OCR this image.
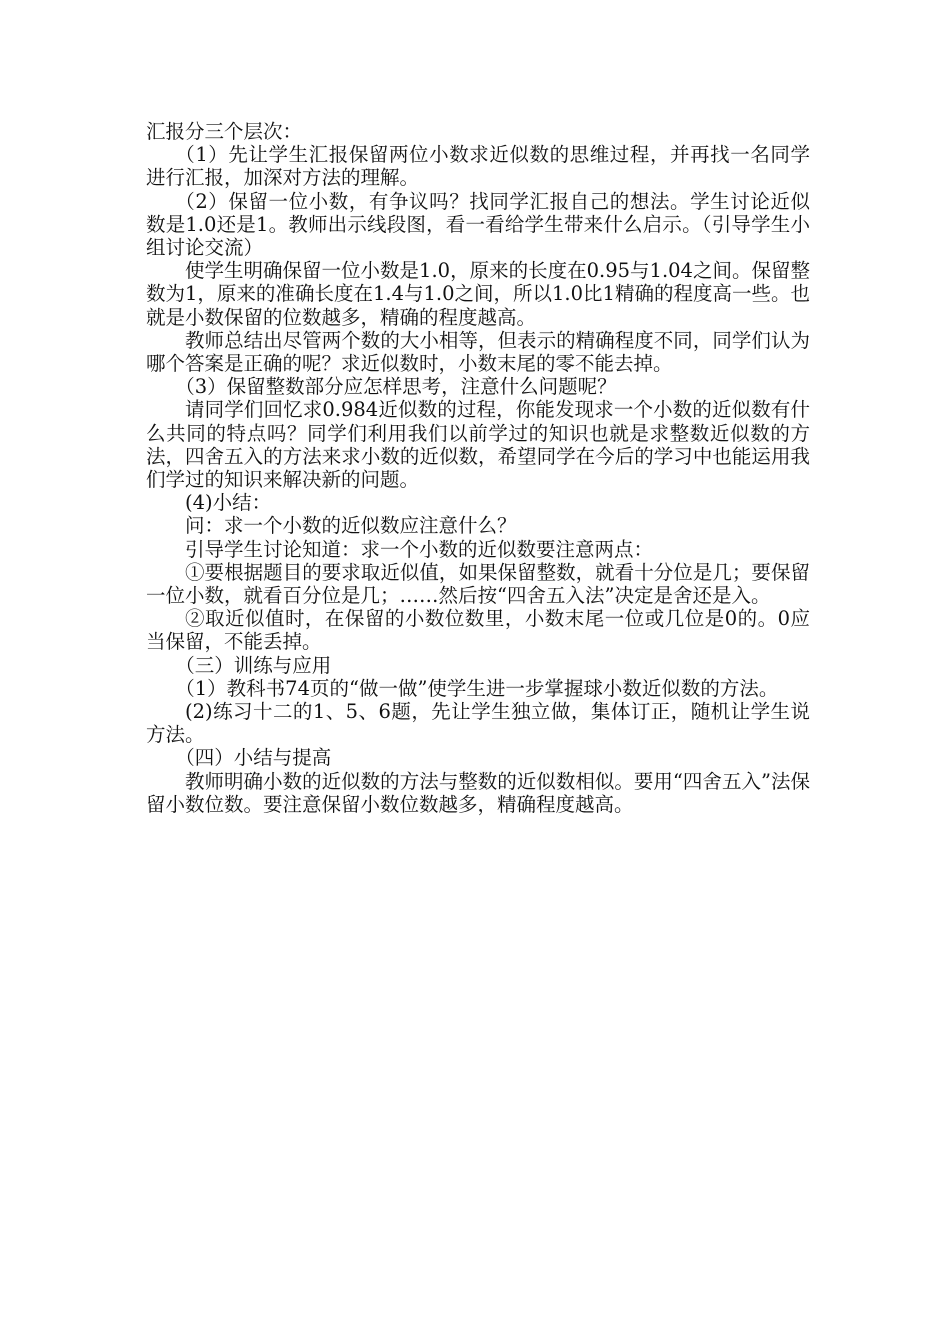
汇报分三个层次：

（1）先让学生汇报保留两位小数求近似数的思维过程，并再找一名同学进行汇报，加深对方法的理解。

（2）保留一位小数，有争议吗？找同学汇报自己的想法。学生讨论近似数是1.0还是1。教师出示线段图，看一看给学生带来什么启示。（引导学生小组讨论交流）

使学生明确保留一位小数是1.0，原来的长度在0.95与1.04之间。保留整数为1，原来的准确长度在1.4与1.0之间，所以1.0比1精确的程度高一些。也就是小数保留的位数越多，精确的程度越高。

教师总结出尽管两个数的大小相等，但表示的精确程度不同，同学们认为哪个答案是正确的呢？求近似数时，小数末尾的零不能去掉。

（3）保留整数部分应怎样思考，注意什么问题呢？

请同学们回忆求0.984近似数的过程，你能发现求一个小数的近似数有什么共同的特点吗？同学们利用我们以前学过的知识也就是求整数近似数的方法，四舍五入的方法来求小数的近似数，希望同学在今后的学习中也能运用我们学过的知识来解决新的问题。

(4)小结：

问：求一个小数的近似数应注意什么？

引导学生讨论知道：求一个小数的近似数要注意两点：

①要根据题目的要求取近似值，如果保留整数，就看十分位是几；要保留一位小数，就看百分位是几；……然后按“四舍五入法”决定是舍还是入。

②取近似值时，在保留的小数位数里，小数末尾一位或几位是0的。0应当保留，不能丢掉。

（三）训练与应用

（1）教科书74页的“做一做”使学生进一步掌握球小数近似数的方法。

(2)练习十二的1、5、6题，先让学生独立做，集体订正，随机让学生说方法。

（四）小结与提高

教师明确小数的近似数的方法与整数的近似数相似。要用“四舍五入”法保留小数位数。要注意保留小数位数越多，精确程度越高。
